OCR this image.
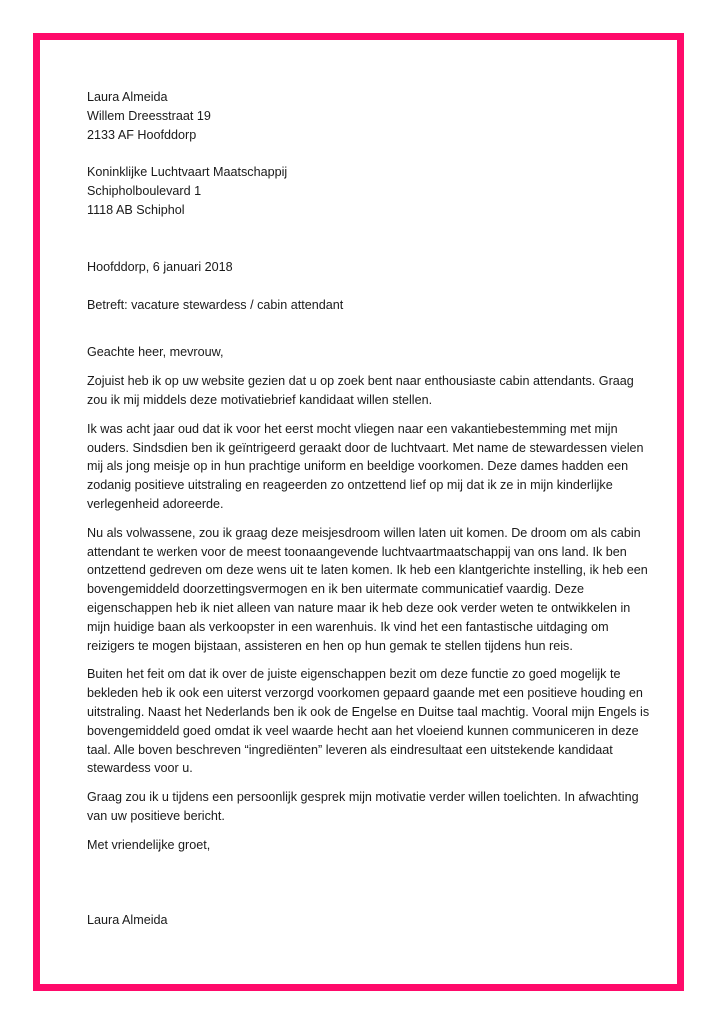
Laura Almeida
Willem Dreesstraat 19
2133 AF Hoofddorp
Koninklijke Luchtvaart Maatschappij
Schipholboulevard 1
1118 AB Schiphol
Hoofddorp, 6 januari 2018
Betreft: vacature stewardess / cabin attendant
Geachte heer, mevrouw,

Zojuist heb ik op uw website gezien dat u op zoek bent naar enthousiaste cabin attendants. Graag
zou ik mij middels deze motivatiebrief kandidaat willen stellen.

Ik was acht jaar oud dat ik voor het eerst mocht vliegen naar een vakantiebestemming met mijn
ouders. Sindsdien ben ik geïntrigeerd geraakt door de luchtvaart. Met name de stewardessen vielen
mij als jong meisje op in hun prachtige uniform en beeldige voorkomen. Deze dames hadden een
zodanig positieve uitstraling en reageerden zo ontzettend lief op mij dat ik ze in mijn kinderlijke
verlegenheid adoreerde.

Nu als volwassene, zou ik graag deze meisjesdroom willen laten uit komen. De droom om als cabin
attendant te werken voor de meest toonaangevende luchtvaartmaatschappij van ons land. Ik ben
ontzettend gedreven om deze wens uit te laten komen. Ik heb een klantgerichte instelling, ik heb een
bovengemiddeld doorzettingsvermogen en ik ben uitermate communicatief vaardig. Deze
eigenschappen heb ik niet alleen van nature maar ik heb deze ook verder weten te ontwikkelen in
mijn huidige baan als verkoopster in een warenhuis. Ik vind het een fantastische uitdaging om
reizigers te mogen bijstaan, assisteren en hen op hun gemak te stellen tijdens hun reis.

Buiten het feit om dat ik over de juiste eigenschappen bezit om deze functie zo goed mogelijk te
bekleden heb ik ook een uiterst verzorgd voorkomen gepaard gaande met een positieve houding en
uitstraling. Naast het Nederlands ben ik ook de Engelse en Duitse taal machtig. Vooral mijn Engels is
bovengemiddeld goed omdat ik veel waarde hecht aan het vloeiend kunnen communiceren in deze
taal. Alle boven beschreven “ingrediënten” leveren als eindresultaat een uitstekende kandidaat
stewardess voor u.

Graag zou ik u tijdens een persoonlijk gesprek mijn motivatie verder willen toelichten. In afwachting
van uw positieve bericht.

Met vriendelijke groet,
Laura Almeida
